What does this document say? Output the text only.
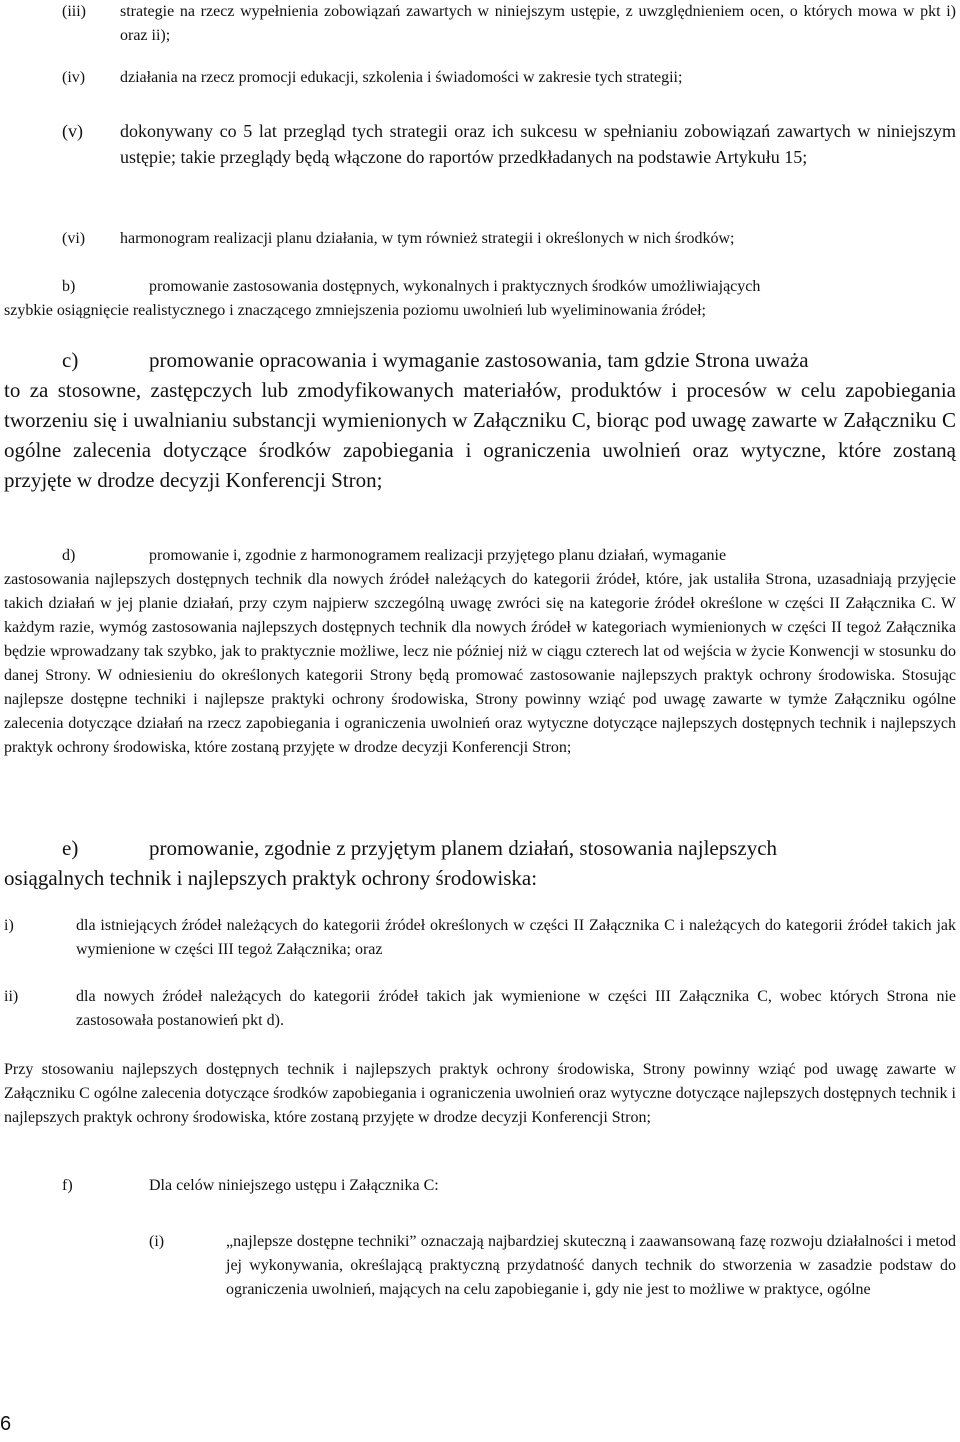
(iii)	strategie na rzecz wypełnienia zobowiązań zawartych w niniejszym ustępie, z uwzględnieniem ocen, o których mowa w pkt i) oraz ii);
(iv)	działania na rzecz promocji edukacji, szkolenia i świadomości w zakresie tych strategii;
(v)	dokonywany co 5 lat przegląd tych strategii oraz ich sukcesu w spełnianiu zobowiązań zawartych w niniejszym ustępie; takie przeglądy będą włączone do raportów przedkładanych na podstawie Artykułu 15;
(vi)	harmonogram realizacji planu działania, w tym również strategii i określonych w nich środków;
b)	promowanie zastosowania dostępnych, wykonalnych i praktycznych środków umożliwiających
szybkie osiągnięcie realistycznego i znaczącego zmniejszenia poziomu uwolnień lub wyeliminowania źródeł;
c)	promowanie opracowania i wymaganie zastosowania, tam gdzie Strona uważa
to za stosowne, zastępczych lub zmodyfikowanych materiałów, produktów i procesów w celu zapobiegania tworzeniu się i uwalnianiu substancji wymienionych w Załączniku C, biorąc pod uwagę zawarte w Załączniku C ogólne zalecenia dotyczące środków zapobiegania i ograniczenia uwolnień oraz wytyczne, które zostaną przyjęte w drodze decyzji Konferencji Stron;
d)	promowanie i, zgodnie z harmonogramem realizacji przyjętego planu działań, wymaganie
zastosowania najlepszych dostępnych technik dla nowych źródeł należących do kategorii źródeł, które, jak ustaliła Strona, uzasadniają przyjęcie takich działań w jej planie działań, przy czym najpierw szczególną uwagę zwróci się na kategorie źródeł określone w części II Załącznika C. W każdym razie, wymóg zastosowania najlepszych dostępnych technik dla nowych źródeł w kategoriach wymienionych w części II tegoż Załącznika będzie wprowadzany tak szybko, jak to praktycznie możliwe, lecz nie później niż w ciągu czterech lat od wejścia w życie Konwencji w stosunku do danej Strony. W odniesieniu do określonych kategorii Strony będą promować zastosowanie najlepszych praktyk ochrony środowiska. Stosując najlepsze dostępne techniki i najlepsze praktyki ochrony środowiska, Strony powinny wziąć pod uwagę zawarte w tymże Załączniku ogólne zalecenia dotyczące działań na rzecz zapobiegania i ograniczenia uwolnień oraz wytyczne dotyczące najlepszych dostępnych technik i najlepszych praktyk ochrony środowiska, które zostaną przyjęte w drodze decyzji Konferencji Stron;
e)	promowanie, zgodnie z przyjętym planem działań, stosowania najlepszych
osiągalnych technik i najlepszych praktyk ochrony środowiska:
i)	dla istniejących źródeł należących do kategorii źródeł określonych w części II Załącznika C i należących do kategorii źródeł takich jak wymienione w części III tegoż Załącznika; oraz
ii)	dla nowych źródeł należących do kategorii źródeł takich jak wymienione w części III Załącznika C, wobec których Strona nie zastosowała postanowień pkt d).
Przy stosowaniu najlepszych dostępnych technik i najlepszych praktyk ochrony środowiska, Strony powinny wziąć pod uwagę zawarte w Załączniku C ogólne zalecenia dotyczące środków zapobiegania i ograniczenia uwolnień oraz wytyczne dotyczące najlepszych dostępnych technik i najlepszych praktyk ochrony środowiska, które zostaną przyjęte w drodze decyzji Konferencji Stron;
f)	Dla celów niniejszego ustępu i Załącznika C:
(i)	„najlepsze dostępne techniki” oznaczają najbardziej skuteczną i zaawansowaną fazę rozwoju działalności i metod jej wykonywania, określającą praktyczną przydatność danych technik do stworzenia w zasadzie podstaw do ograniczenia uwolnień, mających na celu zapobieganie i, gdy nie jest to możliwe w praktyce, ogólne
6
